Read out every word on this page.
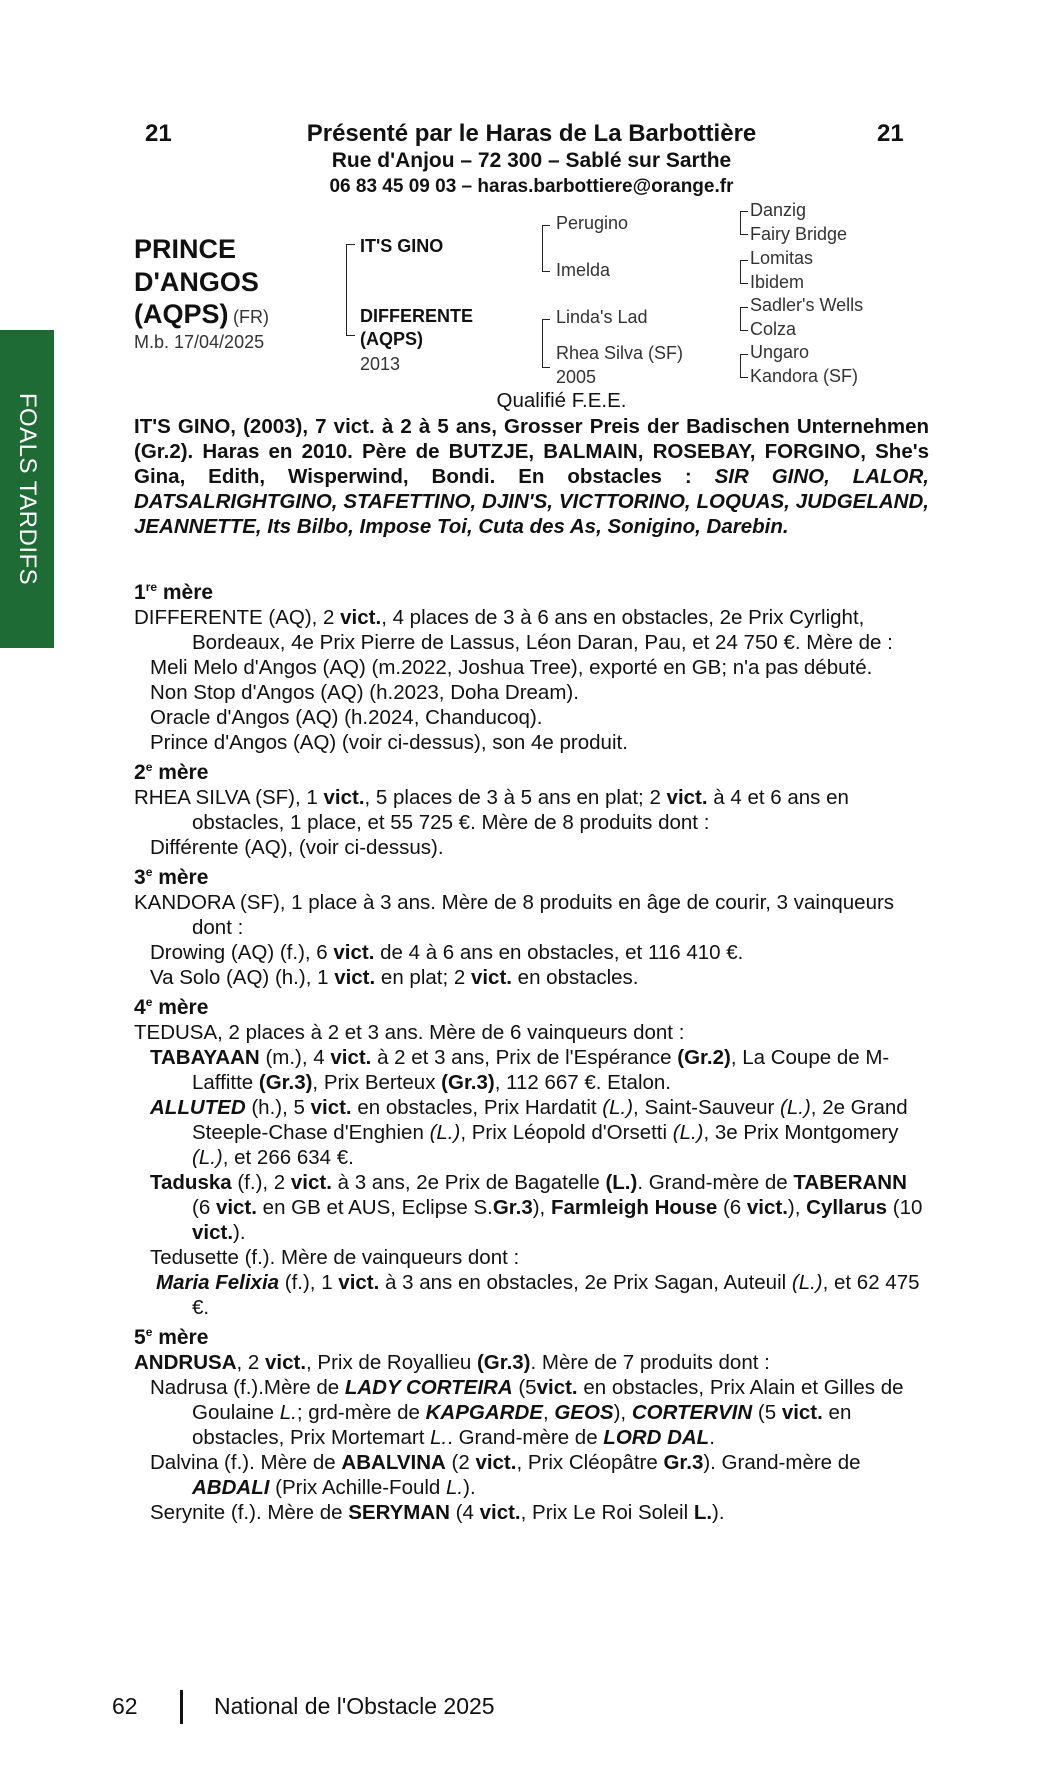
21	21
Présenté par le Haras de La Barbottière
Rue d'Anjou – 72 300 – Sablé sur Sarthe
06 83 45 09 03 – haras.barbottiere@orange.fr
FOALS TARDIFS
PRINCE
D'ANGOS
(AQPS) (FR)
M.b. 17/04/2025
IT'S GINO
DIFFERENTE
(AQPS)
2013
Perugino
Imelda
Linda's Lad
Rhea Silva (SF)
2005
Danzig
Fairy Bridge
Lomitas
Ibidem
Sadler's Wells
Colza
Ungaro
Kandora (SF)
Qualifié F.E.E.

IT'S GINO, (2003), 7 vict. à 2 à 5 ans, Grosser Preis der Badischen Unternehmen (Gr.2). Haras en 2010. Père de BUTZJE, BALMAIN, ROSEBAY, FORGINO, She's Gina, Edith, Wisperwind, Bondi. En obstacles : SIR GINO, LALOR, DATSALRIGHTGINO, STAFETTINO, DJIN'S, VICTTORINO, LOQUAS, JUDGELAND, JEANNETTE, Its Bilbo, Impose Toi, Cuta des As, Sonigino, Darebin.

1re mère

DIFFERENTE (AQ), 2 vict., 4 places de 3 à 6 ans en obstacles, 2e Prix Cyrlight, Bordeaux, 4e Prix Pierre de Lassus, Léon Daran, Pau, et 24 750 €. Mère de :

Meli Melo d'Angos (AQ) (m.2022, Joshua Tree), exporté en GB; n'a pas débuté.

Non Stop d'Angos (AQ) (h.2023, Doha Dream).

Oracle d'Angos (AQ) (h.2024, Chanducoq).

Prince d'Angos (AQ) (voir ci-dessus), son 4e produit.

2e mère

RHEA SILVA (SF), 1 vict., 5 places de 3 à 5 ans en plat; 2 vict. à 4 et 6 ans en obstacles, 1 place, et 55 725 €. Mère de 8 produits dont :

Différente (AQ), (voir ci-dessus).

3e mère

KANDORA (SF), 1 place à 3 ans. Mère de 8 produits en âge de courir, 3 vainqueurs dont :

Drowing (AQ) (f.), 6 vict. de 4 à 6 ans en obstacles, et 116 410 €.

Va Solo (AQ) (h.), 1 vict. en plat; 2 vict. en obstacles.

4e mère

TEDUSA, 2 places à 2 et 3 ans. Mère de 6 vainqueurs dont :

TABAYAAN (m.), 4 vict. à 2 et 3 ans, Prix de l'Espérance (Gr.2), La Coupe de M-Laffitte (Gr.3), Prix Berteux (Gr.3), 112 667 €. Etalon.

ALLUTED (h.), 5 vict. en obstacles, Prix Hardatit (L.), Saint-Sauveur (L.), 2e Grand Steeple-Chase d'Enghien (L.), Prix Léopold d'Orsetti (L.), 3e Prix Montgomery (L.), et 266 634 €.

Taduska (f.), 2 vict. à 3 ans, 2e Prix de Bagatelle (L.). Grand-mère de TABERANN (6 vict. en GB et AUS, Eclipse S.Gr.3), Farmleigh House (6 vict.), Cyllarus (10 vict.).

Tedusette (f.). Mère de vainqueurs dont :

Maria Felixia (f.), 1 vict. à 3 ans en obstacles, 2e Prix Sagan, Auteuil (L.), et 62 475 €.

5e mère

ANDRUSA, 2 vict., Prix de Royallieu (Gr.3). Mère de 7 produits dont :

Nadrusa (f.).Mère de LADY CORTEIRA (5vict. en obstacles, Prix Alain et Gilles de Goulaine L.; grd-mère de KAPGARDE, GEOS), CORTERVIN (5 vict. en obstacles, Prix Mortemart L.. Grand-mère de LORD DAL.

Dalvina (f.). Mère de ABALVINA (2 vict., Prix Cléopâtre Gr.3). Grand-mère de ABDALI (Prix Achille-Fould L.).

Serynite (f.). Mère de SERYMAN (4 vict., Prix Le Roi Soleil L.).

62	National de l'Obstacle 2025
